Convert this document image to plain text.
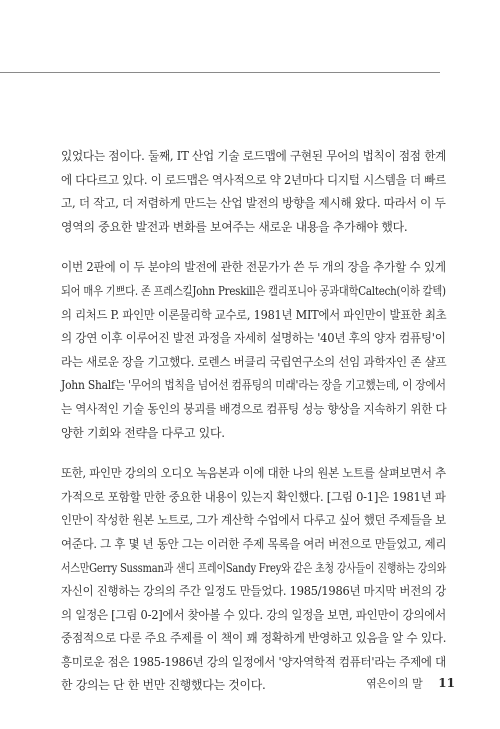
있었다는 점이다. 둘째, IT 산업 기술 로드맵에 구현된 무어의 법칙이 점점 한계
에 다다르고 있다. 이 로드맵은 역사적으로 약 2년마다 디지털 시스템을 더 빠르
고, 더 작고, 더 저렴하게 만드는 산업 발전의 방향을 제시해 왔다. 따라서 이 두
영역의 중요한 발전과 변화를 보여주는 새로운 내용을 추가해야 했다.
이번 2판에 이 두 분야의 발전에 관한 전문가가 쓴 두 개의 장을 추가할 수 있게
되어 매우 기쁘다. 존 프레스킬John Preskill은 캘리포니아 공과대학Caltech(이하 칼텍)
의 리처드 P. 파인만 이론물리학 교수로, 1981년 MIT에서 파인만이 발표한 최초
의 강연 이후 이루어진 발전 과정을 자세히 설명하는 '40년 후의 양자 컴퓨팅'이
라는 새로운 장을 기고했다. 로렌스 버클리 국립연구소의 선임 과학자인 존 샬프
John Shalf는 '무어의 법칙을 넘어선 컴퓨팅의 미래'라는 장을 기고했는데, 이 장에서
는 역사적인 기술 동인의 붕괴를 배경으로 컴퓨팅 성능 향상을 지속하기 위한 다
양한 기회와 전략을 다루고 있다.
또한, 파인만 강의의 오디오 녹음본과 이에 대한 나의 원본 노트를 살펴보면서 추
가적으로 포함할 만한 중요한 내용이 있는지 확인했다. [그림 0-1]은 1981년 파
인만이 작성한 원본 노트로, 그가 계산학 수업에서 다루고 싶어 했던 주제들을 보
여준다. 그 후 몇 년 동안 그는 이러한 주제 목록을 여러 버전으로 만들었고, 제리
서스만Gerry Sussman과 샌디 프레이Sandy Frey와 같은 초청 강사들이 진행하는 강의와
자신이 진행하는 강의의 주간 일정도 만들었다. 1985/1986년 마지막 버전의 강
의 일정은 [그림 0-2]에서 찾아볼 수 있다. 강의 일정을 보면, 파인만이 강의에서
중점적으로 다룬 주요 주제를 이 책이 꽤 정확하게 반영하고 있음을 알 수 있다.
흥미로운 점은 1985-1986년 강의 일정에서 '양자역학적 컴퓨터'라는 주제에 대
한 강의는 단 한 번만 진행했다는 것이다.	엮은이의 말 11
